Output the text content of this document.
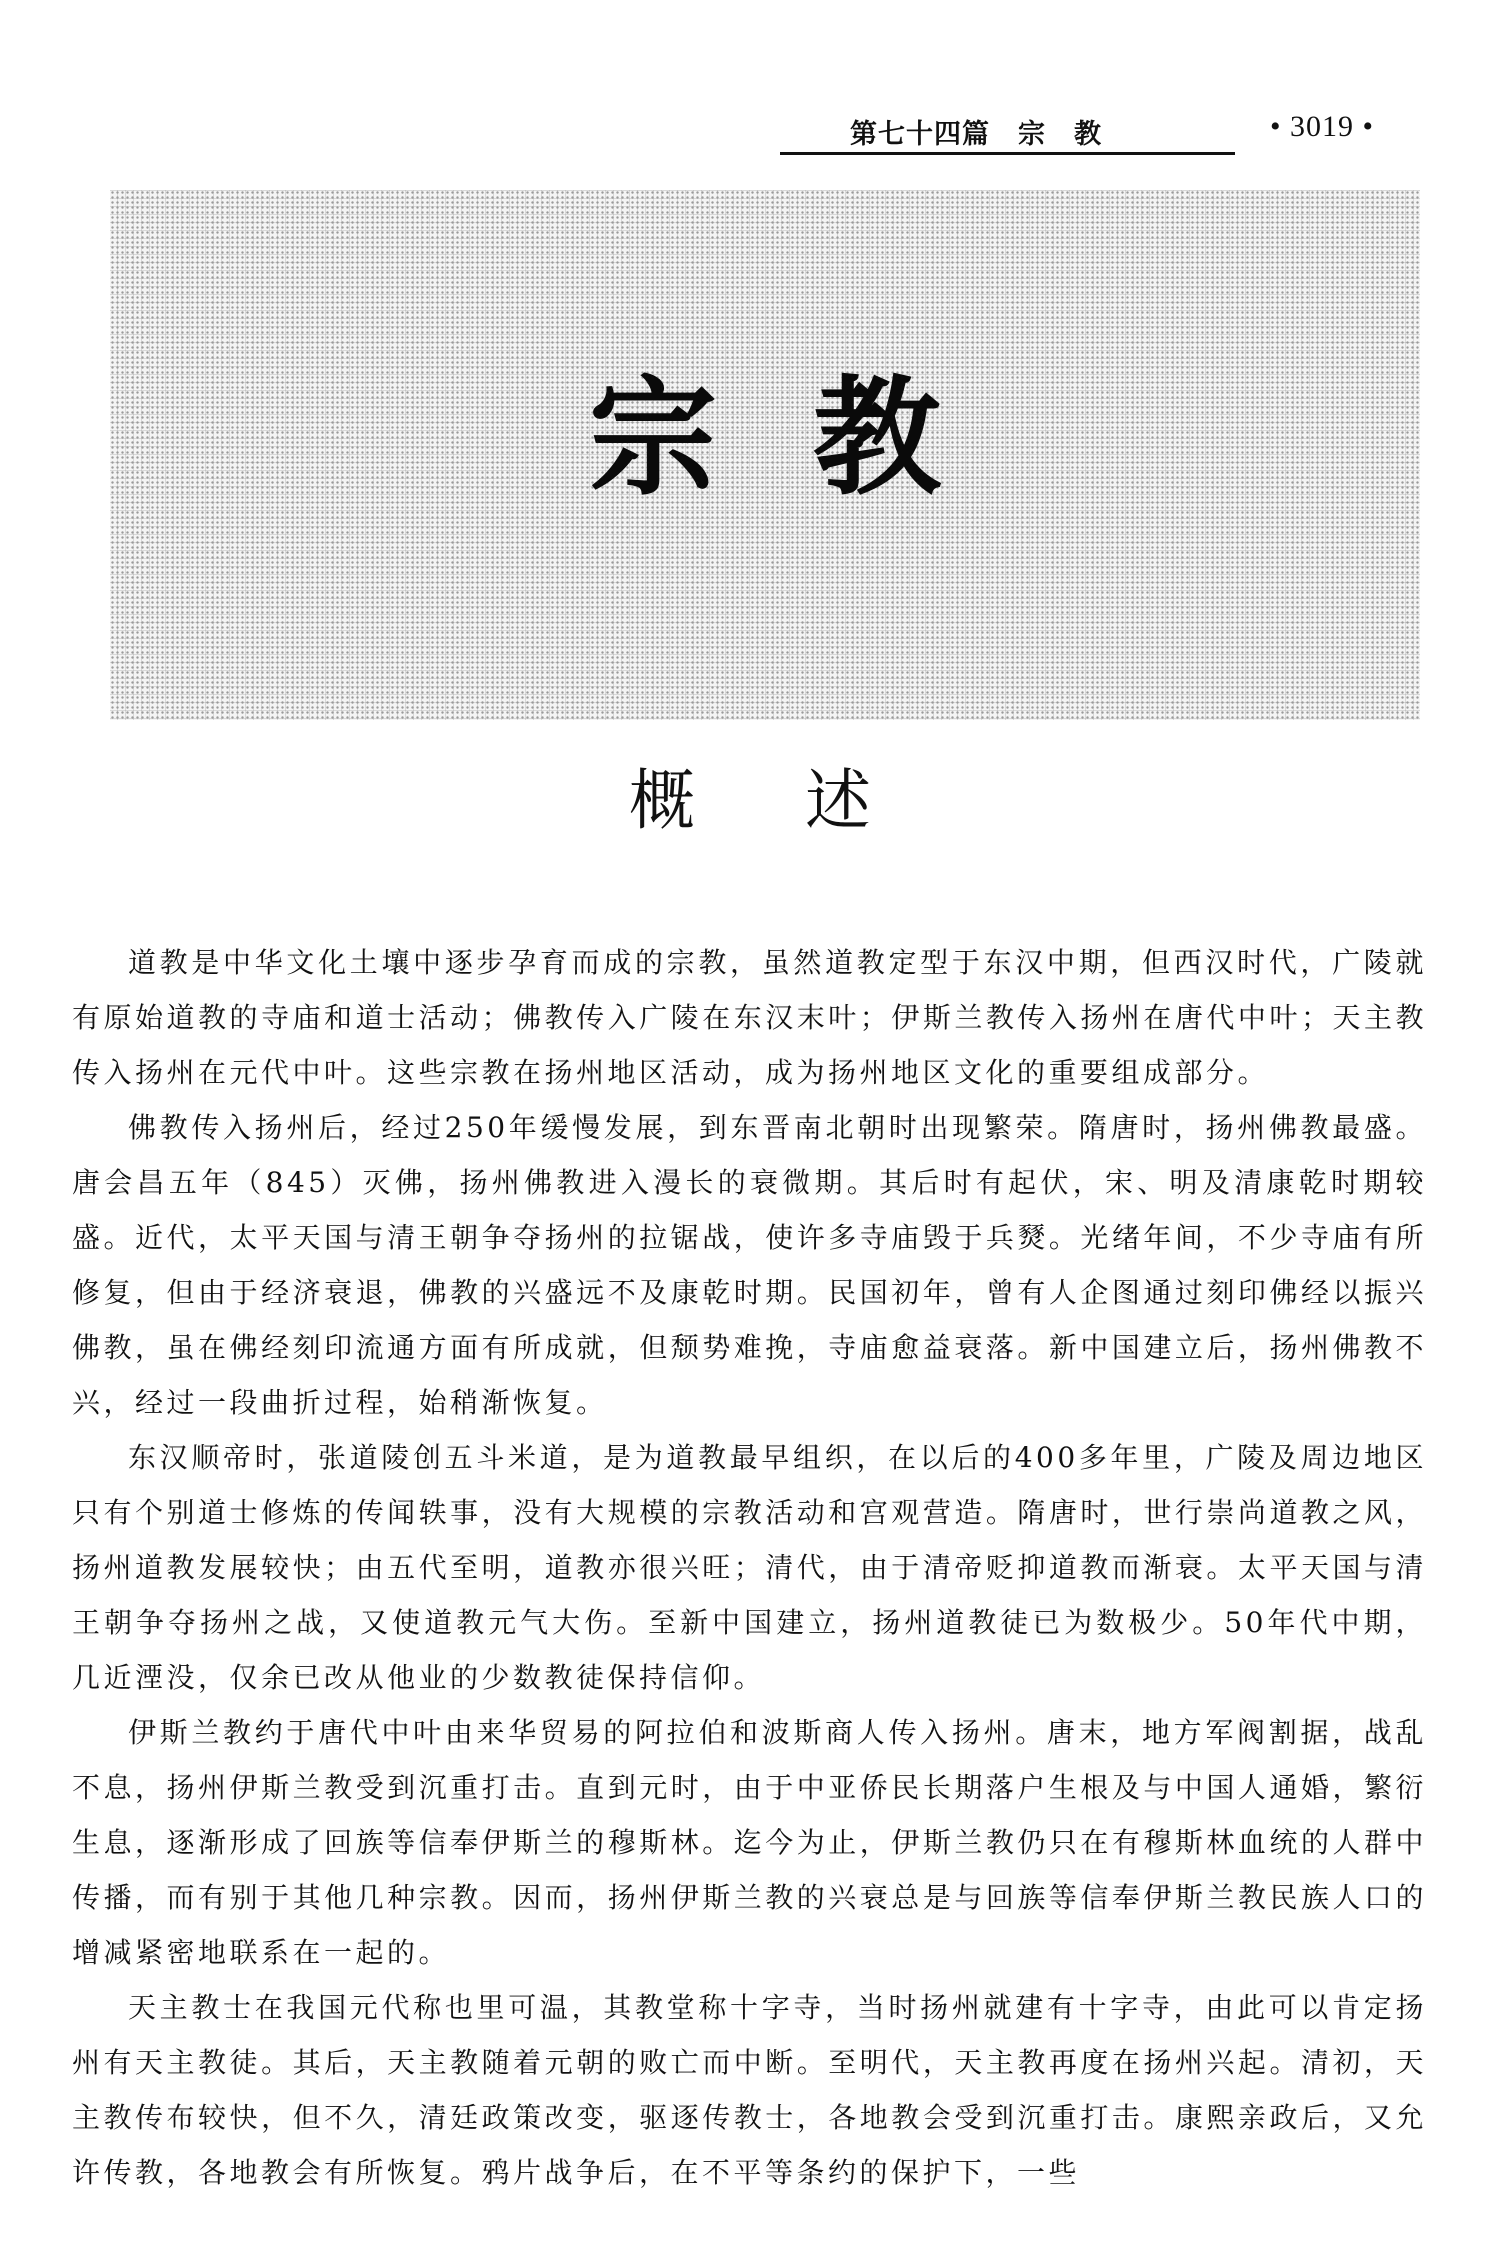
第七十四篇　宗　教	• 3019 •
宗教
概述

道教是中华文化土壤中逐步孕育而成的宗教，虽然道教定型于东汉中期，但西汉时代，广陵就有原始道教的寺庙和道士活动；佛教传入广陵在东汉末叶；伊斯兰教传入扬州在唐代中叶；天主教传入扬州在元代中叶。这些宗教在扬州地区活动，成为扬州地区文化的重要组成部分。

佛教传入扬州后，经过250年缓慢发展，到东晋南北朝时出现繁荣。隋唐时，扬州佛教最盛。唐会昌五年（845）灭佛，扬州佛教进入漫长的衰微期。其后时有起伏，宋、明及清康乾时期较盛。近代，太平天国与清王朝争夺扬州的拉锯战，使许多寺庙毁于兵燹。光绪年间，不少寺庙有所修复，但由于经济衰退，佛教的兴盛远不及康乾时期。民国初年，曾有人企图通过刻印佛经以振兴佛教，虽在佛经刻印流通方面有所成就，但颓势难挽，寺庙愈益衰落。新中国建立后，扬州佛教不兴，经过一段曲折过程，始稍渐恢复。

东汉顺帝时，张道陵创五斗米道，是为道教最早组织，在以后的400多年里，广陵及周边地区只有个别道士修炼的传闻轶事，没有大规模的宗教活动和宫观营造。隋唐时，世行崇尚道教之风，扬州道教发展较快；由五代至明，道教亦很兴旺；清代，由于清帝贬抑道教而渐衰。太平天国与清王朝争夺扬州之战，又使道教元气大伤。至新中国建立，扬州道教徒已为数极少。50年代中期，几近湮没，仅余已改从他业的少数教徒保持信仰。

伊斯兰教约于唐代中叶由来华贸易的阿拉伯和波斯商人传入扬州。唐末，地方军阀割据，战乱不息，扬州伊斯兰教受到沉重打击。直到元时，由于中亚侨民长期落户生根及与中国人通婚，繁衍生息，逐渐形成了回族等信奉伊斯兰的穆斯林。迄今为止，伊斯兰教仍只在有穆斯林血统的人群中传播，而有别于其他几种宗教。因而，扬州伊斯兰教的兴衰总是与回族等信奉伊斯兰教民族人口的增减紧密地联系在一起的。

天主教士在我国元代称也里可温，其教堂称十字寺，当时扬州就建有十字寺，由此可以肯定扬州有天主教徒。其后，天主教随着元朝的败亡而中断。至明代，天主教再度在扬州兴起。清初，天主教传布较快，但不久，清廷政策改变，驱逐传教士，各地教会受到沉重打击。康熙亲政后，又允许传教，各地教会有所恢复。鸦片战争后，在不平等条约的保护下，一些
